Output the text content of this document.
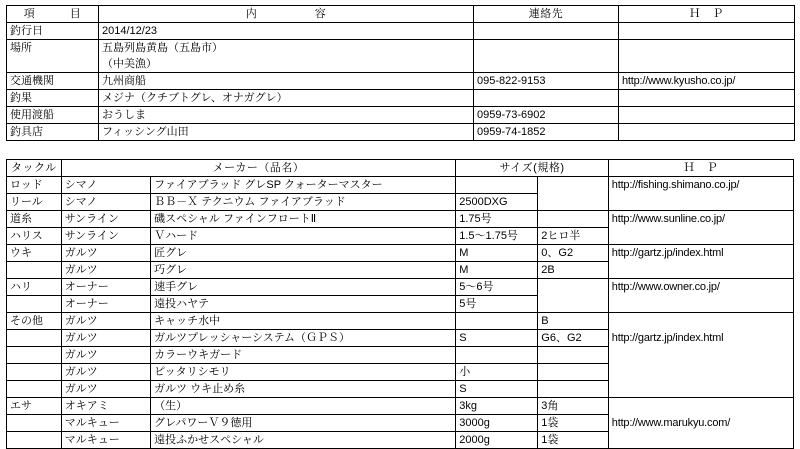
項　　　目	内　　　　　容	連絡先	Ｈ　Ｐ
釣行日	2014/12/23		
場所	五島列島黄島（五島市）		
	（中美漁）		
交通機関	九州商船	095-822-9153	http://www.kyusho.co.jp/
釣果	メジナ（クチブトグレ、オナガグレ）		
使用渡船	おうしま	0959-73-6902	
釣具店	フィッシング山田	0959-74-1852	
タックル	メーカー（品名）		サイズ(規格)		Ｈ　Ｐ
ロッド	シマノ	ファイアブラッド グレSP クォーターマスター			http://fishing.shimano.co.jp/
リール	シマノ	ＢＢ－Ｘ テクニウム ファイアブラッド	2500DXG		
道糸	サンライン	磯スペシャル ファインフロートⅡ	1.75号		http://www.sunline.co.jp/
ハリス	サンライン	Ｖハード	1.5～1.75号	2ヒロ半	
ウキ	ガルツ	匠グレ	M	0、G2	http://gartz.jp/index.html
	ガルツ	巧グレ	M	2B	
ハリ	オーナー	速手グレ	5～6号		http://www.owner.co.jp/
	オーナー	遠投ハヤテ	5号		
その他	ガルツ	キャッチ水中		B	
	ガルツ	ガルツプレッシャーシステム（ＧＰＳ）	S	G6、G2	http://gartz.jp/index.html
	ガルツ	カラーウキガード			
	ガルツ	ピッタリシモリ	小		
	ガルツ	ガルツ ウキ止め糸	S		
エサ	オキアミ	（生）	3kg	3角	
	マルキュー	グレパワーＶ９徳用	3000g	1袋	http://www.marukyu.com/
	マルキュー	遠投ふかせスペシャル	2000g	1袋	
